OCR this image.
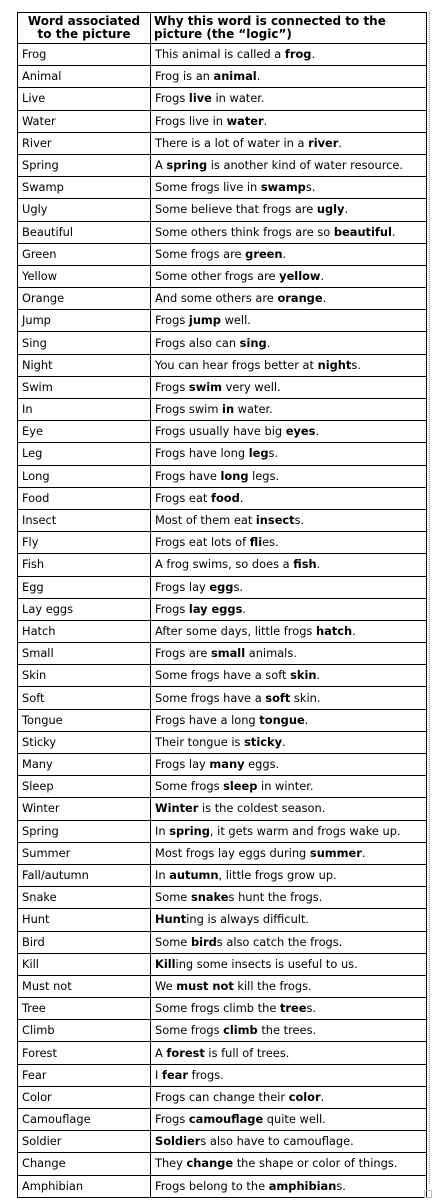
Word associated to the picture	Why this word is connected to the picture (the “logic”)
Frog	This animal is called a frog.
Animal	Frog is an animal.
Live	Frogs live in water.
Water	Frogs live in water.
River	There is a lot of water in a river.
Spring	A spring is another kind of water resource.
Swamp	Some frogs live in swamps.
Ugly	Some believe that frogs are ugly.
Beautiful	Some others think frogs are so beautiful.
Green	Some frogs are green.
Yellow	Some other frogs are yellow.
Orange	And some others are orange.
Jump	Frogs jump well.
Sing	Frogs also can sing.
Night	You can hear frogs better at nights.
Swim	Frogs swim very well.
In	Frogs swim in water.
Eye	Frogs usually have big eyes.
Leg	Frogs have long legs.
Long	Frogs have long legs.
Food	Frogs eat food.
Insect	Most of them eat insects.
Fly	Frogs eat lots of flies.
Fish	A frog swims, so does a fish.
Egg	Frogs lay eggs.
Lay eggs	Frogs lay eggs.
Hatch	After some days, little frogs hatch.
Small	Frogs are small animals.
Skin	Some frogs have a soft skin.
Soft	Some frogs have a soft skin.
Tongue	Frogs have a long tongue.
Sticky	Their tongue is sticky.
Many	Frogs lay many eggs.
Sleep	Some frogs sleep in winter.
Winter	Winter is the coldest season.
Spring	In spring, it gets warm and frogs wake up.
Summer	Most frogs lay eggs during summer.
Fall/autumn	In autumn, little frogs grow up.
Snake	Some snakes hunt the frogs.
Hunt	Hunting is always difficult.
Bird	Some birds also catch the frogs.
Kill	Killing some insects is useful to us.
Must not	We must not kill the frogs.
Tree	Some frogs climb the trees.
Climb	Some frogs climb the trees.
Forest	A forest is full of trees.
Fear	I fear frogs.
Color	Frogs can change their color.
Camouflage	Frogs camouflage quite well.
Soldier	Soldiers also have to camouflage.
Change	They change the shape or color of things.
Amphibian	Frogs belong to the amphibians.
